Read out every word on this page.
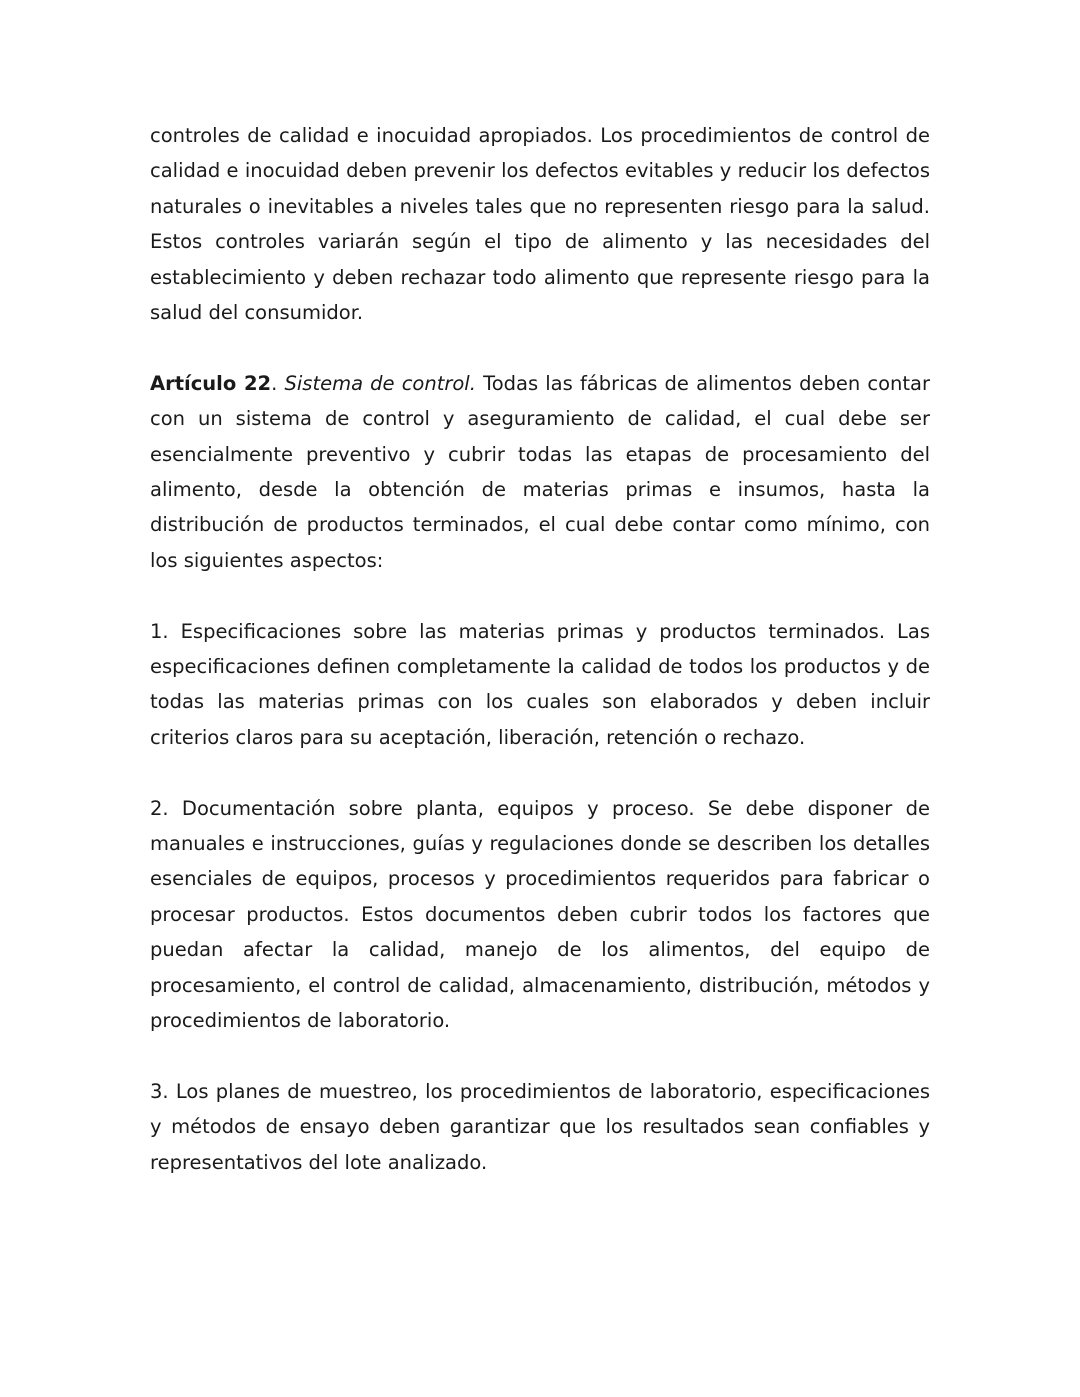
controles de calidad e inocuidad apropiados. Los procedimientos de control de calidad e inocuidad deben prevenir los defectos evitables y reducir los defectos naturales o inevitables a niveles tales que no representen riesgo para la salud. Estos controles variarán según el tipo de alimento y las necesidades del establecimiento y deben rechazar todo alimento que represente riesgo para la salud del consumidor.

Artículo 22. Sistema de control. Todas las fábricas de alimentos deben contar con un sistema de control y aseguramiento de calidad, el cual debe ser esencialmente preventivo y cubrir todas las etapas de procesamiento del alimento, desde la obtención de materias primas e insumos, hasta la distribución de productos terminados, el cual debe contar como mínimo, con los siguientes aspectos:

1. Especificaciones sobre las materias primas y productos terminados. Las especificaciones definen completamente la calidad de todos los productos y de todas las materias primas con los cuales son elaborados y deben incluir criterios claros para su aceptación, liberación, retención o rechazo.

2. Documentación sobre planta, equipos y proceso. Se debe disponer de manuales e instrucciones, guías y regulaciones donde se describen los detalles esenciales de equipos, procesos y procedimientos requeridos para fabricar o procesar productos. Estos documentos deben cubrir todos los factores que puedan afectar la calidad, manejo de los alimentos, del equipo de procesamiento, el control de calidad, almacenamiento, distribución, métodos y procedimientos de laboratorio.

3. Los planes de muestreo, los procedimientos de laboratorio, especificaciones y métodos de ensayo deben garantizar que los resultados sean confiables y representativos del lote analizado.
